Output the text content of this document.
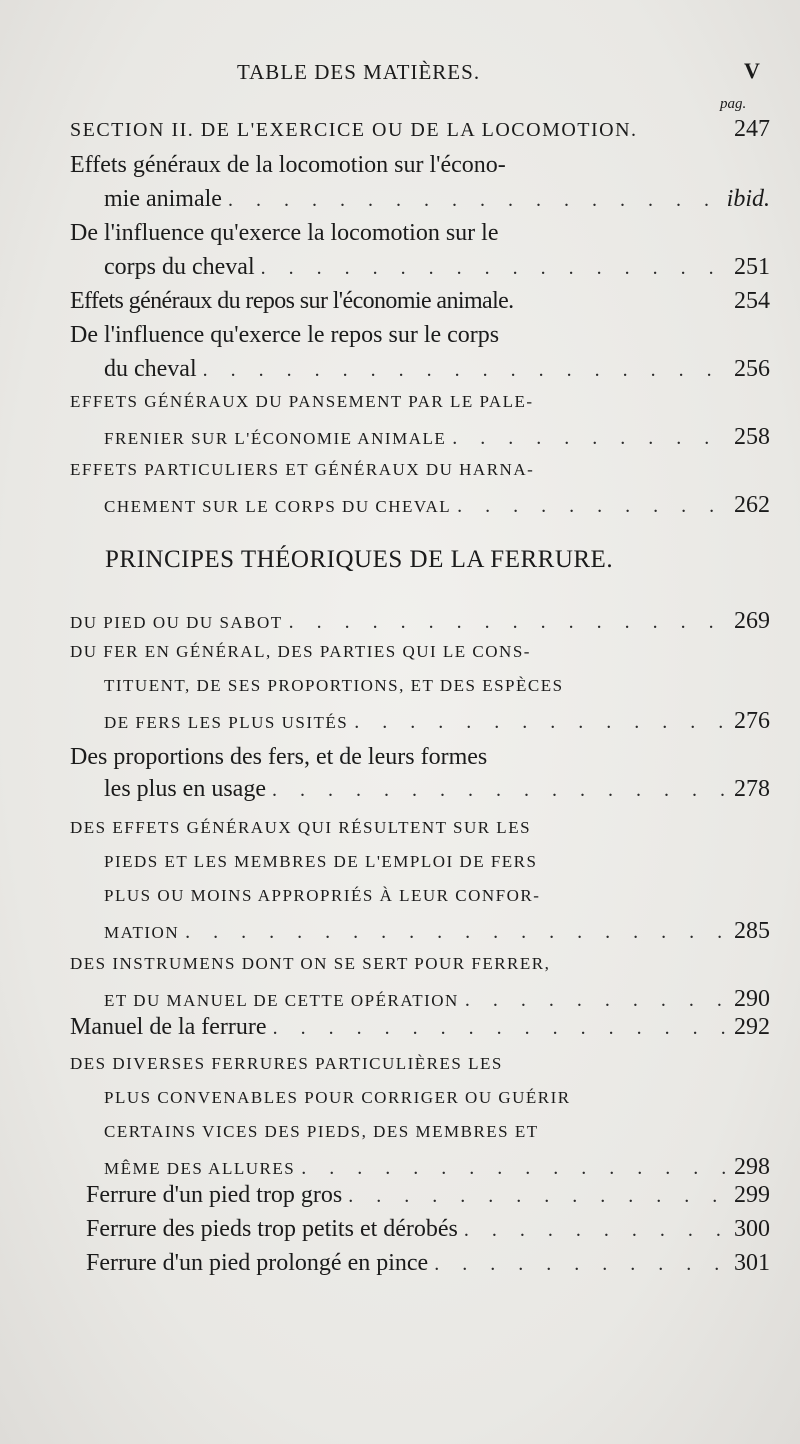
TABLE DES MATIÈRES.	V
pag.
SECTION II. DE L'EXERCICE OU DE LA LOCOMOTION.	247
Effets généraux de la locomotion sur l'écono-
mie animale . . .	ibid.
De l'influence qu'exerce la locomotion sur le
corps du cheval . . .	251
Effets généraux du repos sur l'économie animale.	254
De l'influence qu'exerce le repos sur le corps
du cheval . . .	256
EFFETS GÉNÉRAUX DU PANSEMENT PAR LE PALE-
FRENIER SUR L'ÉCONOMIE ANIMALE . . .	258
EFFETS PARTICULIERS ET GÉNÉRAUX DU HARNA-
CHEMENT SUR LE CORPS DU CHEVAL . . .	262
PRINCIPES THÉORIQUES DE LA FERRURE.
DU PIED OU DU SABOT . . .	269
DU FER EN GÉNÉRAL, DES PARTIES QUI LE CONS-
TITUENT, DE SES PROPORTIONS, ET DES ESPÈCES
DE FERS LES PLUS USITÉS . . .	276
Des proportions des fers, et de leurs formes
les plus en usage . . .	278
DES EFFETS GÉNÉRAUX QUI RÉSULTENT SUR LES
PIEDS ET LES MEMBRES DE L'EMPLOI DE FERS
PLUS OU MOINS APPROPRIÉS À LEUR CONFOR-
MATION . . .	285
DES INSTRUMENS DONT ON SE SERT POUR FERRER,
ET DU MANUEL DE CETTE OPÉRATION . . .	290
Manuel de la ferrure . . .	292
DES DIVERSES FERRURES PARTICULIÈRES LES
PLUS CONVENABLES POUR CORRIGER OU GUÉRIR
CERTAINS VICES DES PIEDS, DES MEMBRES ET
MÊME DES ALLURES . . .	298
Ferrure d'un pied trop gros . . .	299
Ferrure des pieds trop petits et dérobés . . .	300
Ferrure d'un pied prolongé en pince . . .	301
